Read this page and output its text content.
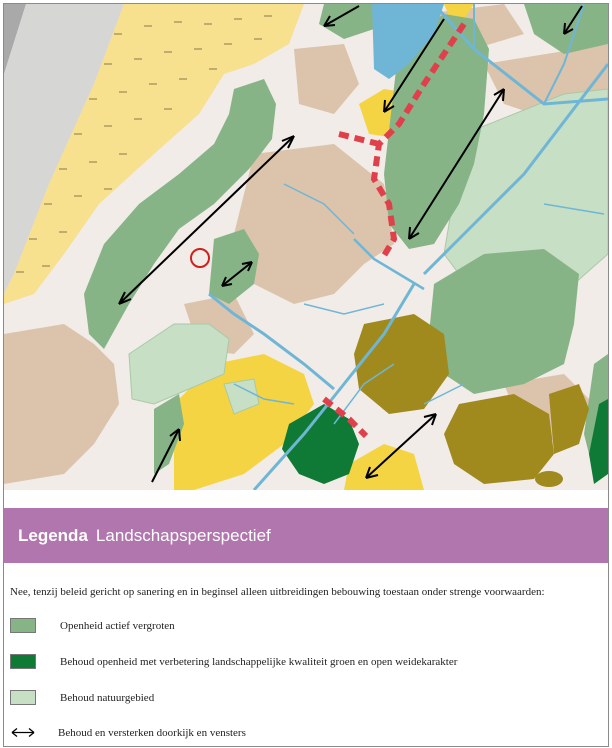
Legenda Landschapsperspectief
Nee, tenzij beleid gericht op sanering en in beginsel alleen uitbreidingen bebouwing toestaan onder strenge voorwaarden:
Openheid actief vergroten
Behoud openheid met verbetering landschappelijke kwaliteit groen en open weidekarakter
Behoud natuurgebied
Behoud en versterken doorkijk en vensters
